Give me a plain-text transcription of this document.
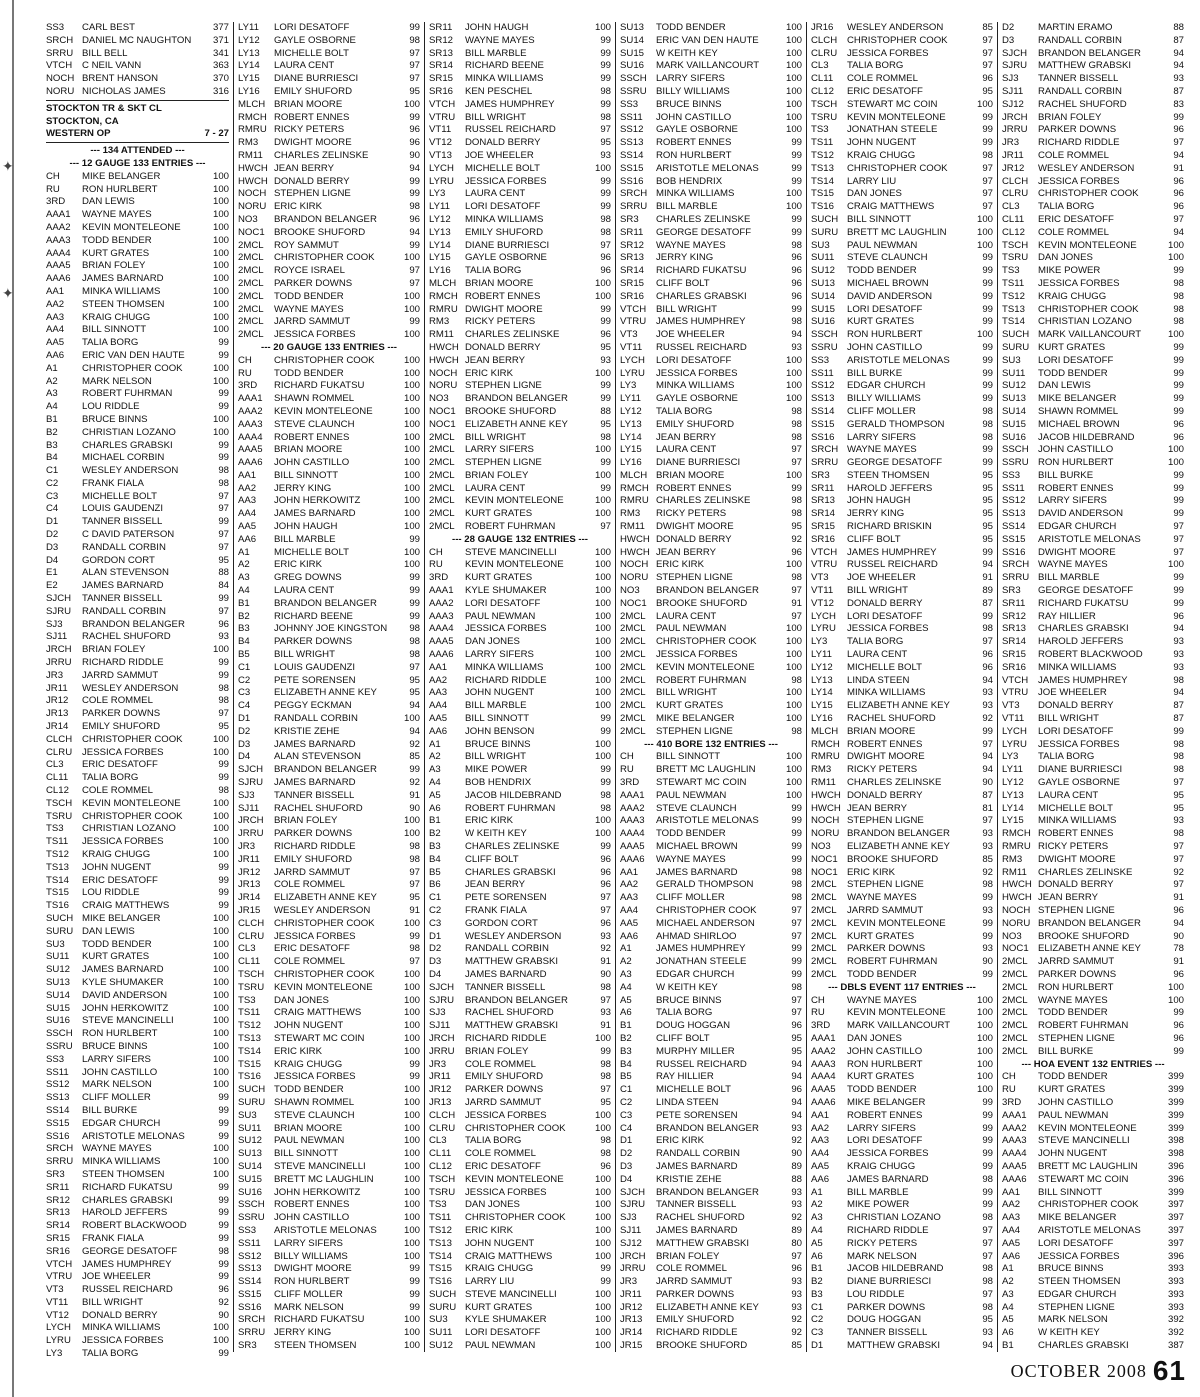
✦
✦
SS3	CARL BEST	377
SRCH DANIEL MC NAUGHTON	371
SRRU BILL BELL	341
VTCH	C NEIL VANN	363
NOCH BRENT HANSON	370
NORU NICHOLAS JAMES	316
STOCKTON TR & SKT CL
STOCKTON, CA
WESTERN OP	7 - 27
--- 134 ATTENDED ---
--- 12 GAUGE 133 ENTRIES ---
CH	MIKE BELANGER	100
RU	RON HURLBERT	100
3RD	DAN LEWIS	100
AAA1	WAYNE MAYES	100
AAA2	KEVIN MONTELEONE	100
AAA3	TODD BENDER	100
AAA4	KURT GRATES	100
AAA5	BRIAN FOLEY	100
AAA6	JAMES BARNARD	100
AA1	MINKA WILLIAMS	100
AA2	STEEN THOMSEN	100
AA3	KRAIG CHUGG	100
AA4	BILL SINNOTT	100
AA5	TALIA BORG	99
AA6	ERIC VAN DEN HAUTE	99
A1	CHRISTOPHER COOK	100
A2	MARK NELSON	100
A3	ROBERT FUHRMAN	99
A4	LOU RIDDLE	99
B1	BRUCE BINNS	100
B2	CHRISTIAN LOZANO	100
B3	CHARLES GRABSKI	99
B4	MICHAEL CORBIN	99
C1	WESLEY ANDERSON	98
C2	FRANK FIALA	98
C3	MICHELLE BOLT	97
C4	LOUIS GAUDENZI	97
D1	TANNER BISSELL	99
D2	C DAVID PATERSON	97
D3	RANDALL CORBIN	97
D4	GORDON CORT	95
E1	ALAN STEVENSON	88
E2	JAMES BARNARD	84
SJCH	TANNER BISSELL	99
SJRU	RANDALL CORBIN	97
SJ3	BRANDON BELANGER	96
SJ11	RACHEL SHUFORD	93
JRCH	BRIAN FOLEY	100
JRRU	RICHARD RIDDLE	99
JR3	JARRD SAMMUT	99
JR11	WESLEY ANDERSON	98
JR12	COLE ROMMEL	98
JR13	PARKER DOWNS	97
JR14	EMILY SHUFORD	95
CLCH	CHRISTOPHER COOK	100
CLRU	JESSICA FORBES	100
CL3	ERIC DESATOFF	99
CL11	TALIA BORG	99
CL12	COLE ROMMEL	98
TSCH	KEVIN MONTELEONE	100
TSRU	CHRISTOPHER COOK	100
TS3	CHRISTIAN LOZANO	100
TS11	JESSICA FORBES	100
TS12	KRAIG CHUGG	100
TS13	JOHN NUGENT	99
TS14	ERIC DESATOFF	99
TS15	LOU RIDDLE	99
TS16	CRAIG MATTHEWS	99
SUCH MIKE BELANGER	100
SURU DAN LEWIS	100
SU3	TODD BENDER	100
SU11	KURT GRATES	100
SU12	JAMES BARNARD	100
SU13	KYLE SHUMAKER	100
SU14	DAVID ANDERSON	100
SU15	JOHN HERKOWITZ	100
SU16	STEVE MANCINELLI	100
SSCH RON HURLBERT	100
SSRU BRUCE BINNS	100
SS3	LARRY SIFERS	100
SS11	JOHN CASTILLO	100
SS12	MARK NELSON	100
SS13	CLIFF MOLLER	99
SS14	BILL BURKE	99
SS15	EDGAR CHURCH	99
SS16	ARISTOTLE MELONAS	99
SRCH WAYNE MAYES	100
SRRU MINKA WILLIAMS	100
SR3	STEEN THOMSEN	100
SR11	RICHARD FUKATSU	99
SR12	CHARLES GRABSKI	99
SR13	HAROLD JEFFERS	99
SR14	ROBERT BLACKWOOD	99
SR15	FRANK FIALA	99
SR16	GEORGE DESATOFF	98
VTCH	JAMES HUMPHREY	99
VTRU	JOE WHEELER	99
VT3	RUSSEL REICHARD	96
VT11	BILL WRIGHT	92
VT12	DONALD BERRY	90
LYCH	MINKA WILLIAMS	100
LYRU	JESSICA FORBES	100
LY3	TALIA BORG	99
LY11	LORI DESATOFF	99
LY12	GAYLE OSBORNE	98
LY13	MICHELLE BOLT	97
LY14	LAURA CENT	97
LY15	DIANE BURRIESCI	97
LY16	EMILY SHUFORD	95
MLCH BRIAN MOORE	100
RMCH ROBERT ENNES	99
RMRU RICKY PETERS	96
RM3	DWIGHT MOORE	96
RM11	CHARLES ZELINSKE	90
HWCH JEAN BERRY	94
HWCH DONALD BERRY	99
NOCH STEPHEN LIGNE	99
NORU ERIC KIRK	98
NO3	BRANDON BELANGER	96
NOC1 BROOKE SHUFORD	94
2MCL	ROY SAMMUT	99
2MCL	CHRISTOPHER COOK	100
2MCL	ROYCE ISRAEL	97
2MCL	PARKER DOWNS	97
2MCL	TODD BENDER	100
2MCL	WAYNE MAYES	100
2MCL	JARRD SAMMUT	99
2MCL	JESSICA FORBES	100
--- 20 GAUGE 133 ENTRIES ---
CH	CHRISTOPHER COOK	100
RU	TODD BENDER	100
3RD	RICHARD FUKATSU	100
AAA1	SHAWN ROMMEL	100
AAA2	KEVIN MONTELEONE	100
AAA3	STEVE CLAUNCH	100
AAA4	ROBERT ENNES	100
AAA5	BRIAN MOORE	100
AAA6	JOHN CASTILLO	100
AA1	BILL SINNOTT	100
AA2	JERRY KING	100
AA3	JOHN HERKOWITZ	100
AA4	JAMES BARNARD	100
AA5	JOHN HAUGH	100
AA6	BILL MARBLE	99
A1	MICHELLE BOLT	100
A2	ERIC KIRK	100
A3	GREG DOWNS	99
A4	LAURA CENT	99
B1	BRANDON BELANGER	99
B2	RICHARD BEENE	99
B3	JOHNNY JOE KINGSTON	98
B4	PARKER DOWNS	98
B5	BILL WRIGHT	98
C1	LOUIS GAUDENZI	97
C2	PETE SORENSEN	95
C3	ELIZABETH ANNE KEY	95
C4	PEGGY ECKMAN	94
D1	RANDALL CORBIN	100
D2	KRISTIE ZEHE	94
D3	JAMES BARNARD	92
D4	ALAN STEVENSON	85
SJCH	BRANDON BELANGER	99
SJRU	JAMES BARNARD	92
SJ3	TANNER BISSELL	91
SJ11	RACHEL SHUFORD	90
JRCH	BRIAN FOLEY	100
JRRU	PARKER DOWNS	100
JR3	RICHARD RIDDLE	98
JR11	EMILY SHUFORD	98
JR12	JARRD SAMMUT	97
JR13	COLE ROMMEL	97
JR14	ELIZABETH ANNE KEY	95
JR15	WESLEY ANDERSON	91
CLCH	CHRISTOPHER COOK	100
CLRU	JESSICA FORBES	99
CL3	ERIC DESATOFF	98
CL11	COLE ROMMEL	97
TSCH	CHRISTOPHER COOK	100
TSRU	KEVIN MONTELEONE	100
TS3	DAN JONES	100
TS11	CRAIG MATTHEWS	100
TS12	JOHN NUGENT	100
TS13	STEWART MC COIN	100
TS14	ERIC KIRK	100
TS15	KRAIG CHUGG	99
TS16	JESSICA FORBES	99
SUCH TODD BENDER	100
SURU SHAWN ROMMEL	100
SU3	STEVE CLAUNCH	100
SU11	BRIAN MOORE	100
SU12	PAUL NEWMAN	100
SU13	BILL SINNOTT	100
SU14	STEVE MANCINELLI	100
SU15	BRETT MC LAUGHLIN	100
SU16	JOHN HERKOWITZ	100
SSCH ROBERT ENNES	100
SSRU JOHN CASTILLO	100
SS3	ARISTOTLE MELONAS	100
SS11	LARRY SIFERS	100
SS12	BILLY WILLIAMS	100
SS13	DWIGHT MOORE	99
SS14	RON HURLBERT	99
SS15	CLIFF MOLLER	99
SS16	MARK NELSON	99
SRCH RICHARD FUKATSU	100
SRRU JERRY KING	100
SR3	STEEN THOMSEN	100
SR11	JOHN HAUGH	100
SR12	WAYNE MAYES	99
SR13	BILL MARBLE	99
SR14	RICHARD BEENE	99
SR15	MINKA WILLIAMS	99
SR16	KEN PESCHEL	98
VTCH	JAMES HUMPHREY	99
VTRU	BILL WRIGHT	98
VT11	RUSSEL REICHARD	97
VT12	DONALD BERRY	95
VT13	JOE WHEELER	93
LYCH	MICHELLE BOLT	100
LYRU	JESSICA FORBES	99
LY3	LAURA CENT	99
LY11	LORI DESATOFF	99
LY12	MINKA WILLIAMS	98
LY13	EMILY SHUFORD	98
LY14	DIANE BURRIESCI	97
LY15	GAYLE OSBORNE	96
LY16	TALIA BORG	96
MLCH BRIAN MOORE	100
RMCH ROBERT ENNES	100
RMRU DWIGHT MOORE	99
RM3	RICKY PETERS	99
RM11	CHARLES ZELINSKE	96
HWCH DONALD BERRY	95
HWCH JEAN BERRY	93
NOCH ERIC KIRK	100
NORU STEPHEN LIGNE	99
NO3	BRANDON BELANGER	99
NOC1 BROOKE SHUFORD	88
NOC1 ELIZABETH ANNE KEY	95
2MCL	BILL WRIGHT	98
2MCL	LARRY SIFERS	100
2MCL	STEPHEN LIGNE	99
2MCL	BRIAN FOLEY	100
2MCL	LAURA CENT	99
2MCL	KEVIN MONTELEONE	100
2MCL	KURT GRATES	100
2MCL	ROBERT FUHRMAN	97
--- 28 GAUGE 132 ENTRIES ---
CH	STEVE MANCINELLI	100
RU	KEVIN MONTELEONE	100
3RD	KURT GRATES	100
AAA1	KYLE SHUMAKER	100
AAA2	LORI DESATOFF	100
AAA3	PAUL NEWMAN	100
AAA4	JESSICA FORBES	100
AAA5	DAN JONES	100
AAA6	LARRY SIFERS	100
AA1	MINKA WILLIAMS	100
AA2	RICHARD RIDDLE	100
AA3	JOHN NUGENT	100
AA4	BILL MARBLE	100
AA5	BILL SINNOTT	99
AA6	JOHN BENSON	99
A1	BRUCE BINNS	100
A2	BILL WRIGHT	100
A3	MIKE POWER	99
A4	BOB HENDRIX	99
A5	JACOB HILDEBRAND	98
A6	ROBERT FUHRMAN	98
B1	ERIC KIRK	100
B2	W KEITH KEY	100
B3	CHARLES ZELINSKE	99
B4	CLIFF BOLT	96
B5	CHARLES GRABSKI	96
B6	JEAN BERRY	96
C1	PETE SORENSEN	97
C2	FRANK FIALA	97
C3	GORDON CORT	96
D1	WESLEY ANDERSON	93
D2	RANDALL CORBIN	92
D3	MATTHEW GRABSKI	91
D4	JAMES BARNARD	90
SJCH	TANNER BISSELL	98
SJRU	BRANDON BELANGER	97
SJ3	RACHEL SHUFORD	93
SJ11	MATTHEW GRABSKI	91
JRCH	RICHARD RIDDLE	100
JRRU	BRIAN FOLEY	99
JR3	COLE ROMMEL	98
JR11	EMILY SHUFORD	98
JR12	PARKER DOWNS	97
JR13	JARRD SAMMUT	95
CLCH	JESSICA FORBES	100
CLRU	CHRISTOPHER COOK	100
CL3	TALIA BORG	98
CL11	COLE ROMMEL	98
CL12	ERIC DESATOFF	96
TSCH	KEVIN MONTELEONE	100
TSRU	JESSICA FORBES	100
TS3	DAN JONES	100
TS11	CHRISTOPHER COOK	100
TS12	ERIC KIRK	100
TS13	JOHN NUGENT	100
TS14	CRAIG MATTHEWS	100
TS15	KRAIG CHUGG	99
TS16	LARRY LIU	99
SUCH STEVE MANCINELLI	100
SURU KURT GRATES	100
SU3	KYLE SHUMAKER	100
SU11	LORI DESATOFF	100
SU12	PAUL NEWMAN	100
SU13	TODD BENDER	100
SU14	ERIC VAN DEN HAUTE	100
SU15	W KEITH KEY	100
SU16	MARK VAILLANCOURT	100
SSCH LARRY SIFERS	100
SSRU BILLY WILLIAMS	100
SS3	BRUCE BINNS	100
SS11	JOHN CASTILLO	100
SS12	GAYLE OSBORNE	100
SS13	ROBERT ENNES	99
SS14	RON HURLBERT	99
SS15	ARISTOTLE MELONAS	99
SS16	BOB HENDRIX	99
SRCH MINKA WILLIAMS	100
SRRU BILL MARBLE	100
SR3	CHARLES ZELINSKE	99
SR11	GEORGE DESATOFF	99
SR12	WAYNE MAYES	98
SR13	JERRY KING	96
SR14	RICHARD FUKATSU	96
SR15	CLIFF BOLT	96
SR16	CHARLES GRABSKI	96
VTCH	BILL WRIGHT	99
VTRU	JAMES HUMPHREY	98
VT3	JOE WHEELER	94
VT11	RUSSEL REICHARD	93
LYCH	LORI DESATOFF	100
LYRU	JESSICA FORBES	100
LY3	MINKA WILLIAMS	100
LY11	GAYLE OSBORNE	100
LY12	TALIA BORG	98
LY13	EMILY SHUFORD	98
LY14	JEAN BERRY	98
LY15	LAURA CENT	97
LY16	DIANE BURRIESCI	97
MLCH BRIAN MOORE	100
RMCH ROBERT ENNES	99
RMRU CHARLES ZELINSKE	98
RM3	RICKY PETERS	98
RM11	DWIGHT MOORE	95
HWCH DONALD BERRY	92
HWCH JEAN BERRY	96
NOCH ERIC KIRK	100
NORU STEPHEN LIGNE	98
NO3	BRANDON BELANGER	97
NOC1 BROOKE SHUFORD	91
2MCL	LAURA CENT	97
2MCL	PAUL NEWMAN	100
2MCL	CHRISTOPHER COOK	100
2MCL	JESSICA FORBES	100
2MCL	KEVIN MONTELEONE	100
2MCL	ROBERT FUHRMAN	98
2MCL	BILL WRIGHT	100
2MCL	KURT GRATES	100
2MCL	MIKE BELANGER	100
2MCL	STEPHEN LIGNE	98
--- 410 BORE 132 ENTRIES ---
CH	BILL SINNOTT	100
RU	BRETT MC LAUGHLIN	100
3RD	STEWART MC COIN	100
AAA1	PAUL NEWMAN	100
AAA2	STEVE CLAUNCH	99
AAA3	ARISTOTLE MELONAS	99
AAA4	TODD BENDER	99
AAA5	MICHAEL BROWN	99
AAA6	WAYNE MAYES	99
AA1	JAMES BARNARD	98
AA2	GERALD THOMPSON	98
AA3	CLIFF MOLLER	98
AA4	CHRISTOPHER COOK	97
AA5	MICHAEL ANDERSON	97
AA6	AHMAD SHIRLOO	97
A1	JAMES HUMPHREY	99
A2	JONATHAN STEELE	99
A3	EDGAR CHURCH	99
A4	W KEITH KEY	98
A5	BRUCE BINNS	97
A6	TALIA BORG	97
B1	DOUG HOGGAN	96
B2	CLIFF BOLT	95
B3	MURPHY MILLER	95
B4	RUSSEL REICHARD	94
B5	RAY HILLIER	94
C1	MICHELLE BOLT	96
C2	LINDA STEEN	94
C3	PETE SORENSEN	94
C4	BRANDON BELANGER	93
D1	ERIC KIRK	92
D2	RANDALL CORBIN	90
D3	JAMES BARNARD	89
D4	KRISTIE ZEHE	88
SJCH	BRANDON BELANGER	93
SJRU	TANNER BISSELL	93
SJ3	RACHEL SHUFORD	92
SJ11	JAMES BARNARD	89
SJ12	MATTHEW GRABSKI	80
JRCH	BRIAN FOLEY	97
JRRU	COLE ROMMEL	96
JR3	JARRD SAMMUT	93
JR11	PARKER DOWNS	93
JR12	ELIZABETH ANNE KEY	93
JR13	EMILY SHUFORD	92
JR14	RICHARD RIDDLE	92
JR15	BROOKE SHUFORD	85
JR16	WESLEY ANDERSON	85
CLCH	CHRISTOPHER COOK	97
CLRU	JESSICA FORBES	97
CL3	TALIA BORG	97
CL11	COLE ROMMEL	96
CL12	ERIC DESATOFF	95
TSCH	STEWART MC COIN	100
TSRU	KEVIN MONTELEONE	99
TS3	JONATHAN STEELE	99
TS11	JOHN NUGENT	99
TS12	KRAIG CHUGG	98
TS13	CHRISTOPHER COOK	97
TS14	LARRY LIU	97
TS15	DAN JONES	97
TS16	CRAIG MATTHEWS	97
SUCH BILL SINNOTT	100
SURU BRETT MC LAUGHLIN	100
SU3	PAUL NEWMAN	100
SU11	STEVE CLAUNCH	99
SU12	TODD BENDER	99
SU13	MICHAEL BROWN	99
SU14	DAVID ANDERSON	99
SU15	LORI DESATOFF	99
SU16	KURT GRATES	99
SSCH RON HURLBERT	100
SSRU JOHN CASTILLO	99
SS3	ARISTOTLE MELONAS	99
SS11	BILL BURKE	99
SS12	EDGAR CHURCH	99
SS13	BILLY WILLIAMS	99
SS14	CLIFF MOLLER	98
SS15	GERALD THOMPSON	98
SS16	LARRY SIFERS	98
SRCH WAYNE MAYES	99
SRRU GEORGE DESATOFF	99
SR3	STEEN THOMSEN	95
SR11	HAROLD JEFFERS	95
SR13	JOHN HAUGH	95
SR14	JERRY KING	95
SR15	RICHARD BRISKIN	95
SR16	CLIFF BOLT	95
VTCH	JAMES HUMPHREY	99
VTRU	RUSSEL REICHARD	94
VT3	JOE WHEELER	91
VT11	BILL WRIGHT	89
VT12	DONALD BERRY	87
LYCH	LORI DESATOFF	99
LYRU	JESSICA FORBES	98
LY3	TALIA BORG	97
LY11	LAURA CENT	96
LY12	MICHELLE BOLT	96
LY13	LINDA STEEN	94
LY14	MINKA WILLIAMS	93
LY15	ELIZABETH ANNE KEY	93
LY16	RACHEL SHUFORD	92
MLCH BRIAN MOORE	99
RMCH ROBERT ENNES	97
RMRU DWIGHT MOORE	94
RM3	RICKY PETERS	94
RM11	CHARLES ZELINSKE	90
HWCH DONALD BERRY	87
HWCH JEAN BERRY	81
NOCH STEPHEN LIGNE	97
NORU BRANDON BELANGER	93
NO3	ELIZABETH ANNE KEY	93
NOC1 BROOKE SHUFORD	85
NOC1 ERIC KIRK	92
2MCL	STEPHEN LIGNE	98
2MCL	WAYNE MAYES	99
2MCL	JARRD SAMMUT	93
2MCL	KEVIN MONTELEONE	99
2MCL	KURT GRATES	99
2MCL	PARKER DOWNS	93
2MCL	ROBERT FUHRMAN	90
2MCL	TODD BENDER	99
--- DBLS EVENT 117 ENTRIES ---
CH	WAYNE MAYES	100
RU	KEVIN MONTELEONE	100
3RD	MARK VAILLANCOURT	100
AAA1	DAN JONES	100
AAA2	JOHN CASTILLO	100
AAA3	RON HURLBERT	100
AAA4	KURT GRATES	100
AAA5	TODD BENDER	100
AAA6	MIKE BELANGER	99
AA1	ROBERT ENNES	99
AA2	LARRY SIFERS	99
AA3	LORI DESATOFF	99
AA4	JESSICA FORBES	99
AA5	KRAIG CHUGG	99
AA6	JAMES BARNARD	98
A1	BILL MARBLE	99
A2	MIKE POWER	99
A3	CHRISTIAN LOZANO	98
A4	RICHARD RIDDLE	97
A5	RICKY PETERS	97
A6	MARK NELSON	97
B1	JACOB HILDEBRAND	98
B2	DIANE BURRIESCI	98
B3	LOU RIDDLE	97
C1	PARKER DOWNS	98
C2	DOUG HOGGAN	95
C3	TANNER BISSELL	93
D1	MATTHEW GRABSKI	94
D2	MARTIN ERAMO	88
D3	RANDALL CORBIN	87
SJCH	BRANDON BELANGER	94
SJRU	MATTHEW GRABSKI	94
SJ3	TANNER BISSELL	93
SJ11	RANDALL CORBIN	87
SJ12	RACHEL SHUFORD	83
JRCH	BRIAN FOLEY	99
JRRU	PARKER DOWNS	96
JR3	RICHARD RIDDLE	97
JR11	COLE ROMMEL	94
JR12	WESLEY ANDERSON	91
CLCH	JESSICA FORBES	96
CLRU	CHRISTOPHER COOK	96
CL3	TALIA BORG	96
CL11	ERIC DESATOFF	97
CL12	COLE ROMMEL	94
TSCH	KEVIN MONTELEONE	100
TSRU	DAN JONES	100
TS3	MIKE POWER	99
TS11	JESSICA FORBES	98
TS12	KRAIG CHUGG	98
TS13	CHRISTOPHER COOK	98
TS14	CHRISTIAN LOZANO	98
SUCH MARK VAILLANCOURT	100
SURU KURT GRATES	99
SU3	LORI DESATOFF	99
SU11	TODD BENDER	99
SU12	DAN LEWIS	99
SU13	MIKE BELANGER	99
SU14	SHAWN ROMMEL	99
SU15	MICHAEL BROWN	96
SU16	JACOB HILDEBRAND	96
SSCH JOHN CASTILLO	100
SSRU RON HURLBERT	100
SS3	BILL BURKE	99
SS11	ROBERT ENNES	99
SS12	LARRY SIFERS	99
SS13	DAVID ANDERSON	99
SS14	EDGAR CHURCH	97
SS15	ARISTOTLE MELONAS	97
SS16	DWIGHT MOORE	97
SRCH WAYNE MAYES	100
SRRU BILL MARBLE	99
SR3	GEORGE DESATOFF	99
SR11	RICHARD FUKATSU	99
SR12	RAY HILLIER	96
SR13	CHARLES GRABSKI	94
SR14	HAROLD JEFFERS	93
SR15	ROBERT BLACKWOOD	93
SR16	MINKA WILLIAMS	93
VTCH	JAMES HUMPHREY	98
VTRU	JOE WHEELER	94
VT3	DONALD BERRY	87
VT11	BILL WRIGHT	87
LYCH	LORI DESATOFF	99
LYRU	JESSICA FORBES	98
LY3	TALIA BORG	98
LY11	DIANE BURRIESCI	98
LY12	GAYLE OSBORNE	97
LY13	LAURA CENT	95
LY14	MICHELLE BOLT	95
LY15	MINKA WILLIAMS	93
RMCH ROBERT ENNES	98
RMRU RICKY PETERS	97
RM3	DWIGHT MOORE	97
RM11	CHARLES ZELINSKE	92
HWCH DONALD BERRY	97
HWCH JEAN BERRY	91
NOCH STEPHEN LIGNE	96
NORU BRANDON BELANGER	94
NO3	BROOKE SHUFORD	90
NOC1 ELIZABETH ANNE KEY	78
2MCL	JARRD SAMMUT	91
2MCL	PARKER DOWNS	96
2MCL	RON HURLBERT	100
2MCL	WAYNE MAYES	100
2MCL	TODD BENDER	99
2MCL	ROBERT FUHRMAN	96
2MCL	STEPHEN LIGNE	96
2MCL	BILL BURKE	99
--- HOA EVENT 132 ENTRIES ---
CH	TODD BENDER	399
RU	KURT GRATES	399
3RD	JOHN CASTILLO	399
AAA1	PAUL NEWMAN	399
AAA2	KEVIN MONTELEONE	399
AAA3	STEVE MANCINELLI	398
AAA4	JOHN NUGENT	398
AAA5	BRETT MC LAUGHLIN	396
AAA6	STEWART MC COIN	396
AA1	BILL SINNOTT	399
AA2	CHRISTOPHER COOK	397
AA3	MIKE BELANGER	397
AA4	ARISTOTLE MELONAS	397
AA5	LORI DESATOFF	397
AA6	JESSICA FORBES	396
A1	BRUCE BINNS	393
A2	STEEN THOMSEN	393
A3	EDGAR CHURCH	393
A4	STEPHEN LIGNE	393
A5	MARK NELSON	392
A6	W KEITH KEY	392
B1	CHARLES GRABSKI	387
OCTOBER 2008 61
